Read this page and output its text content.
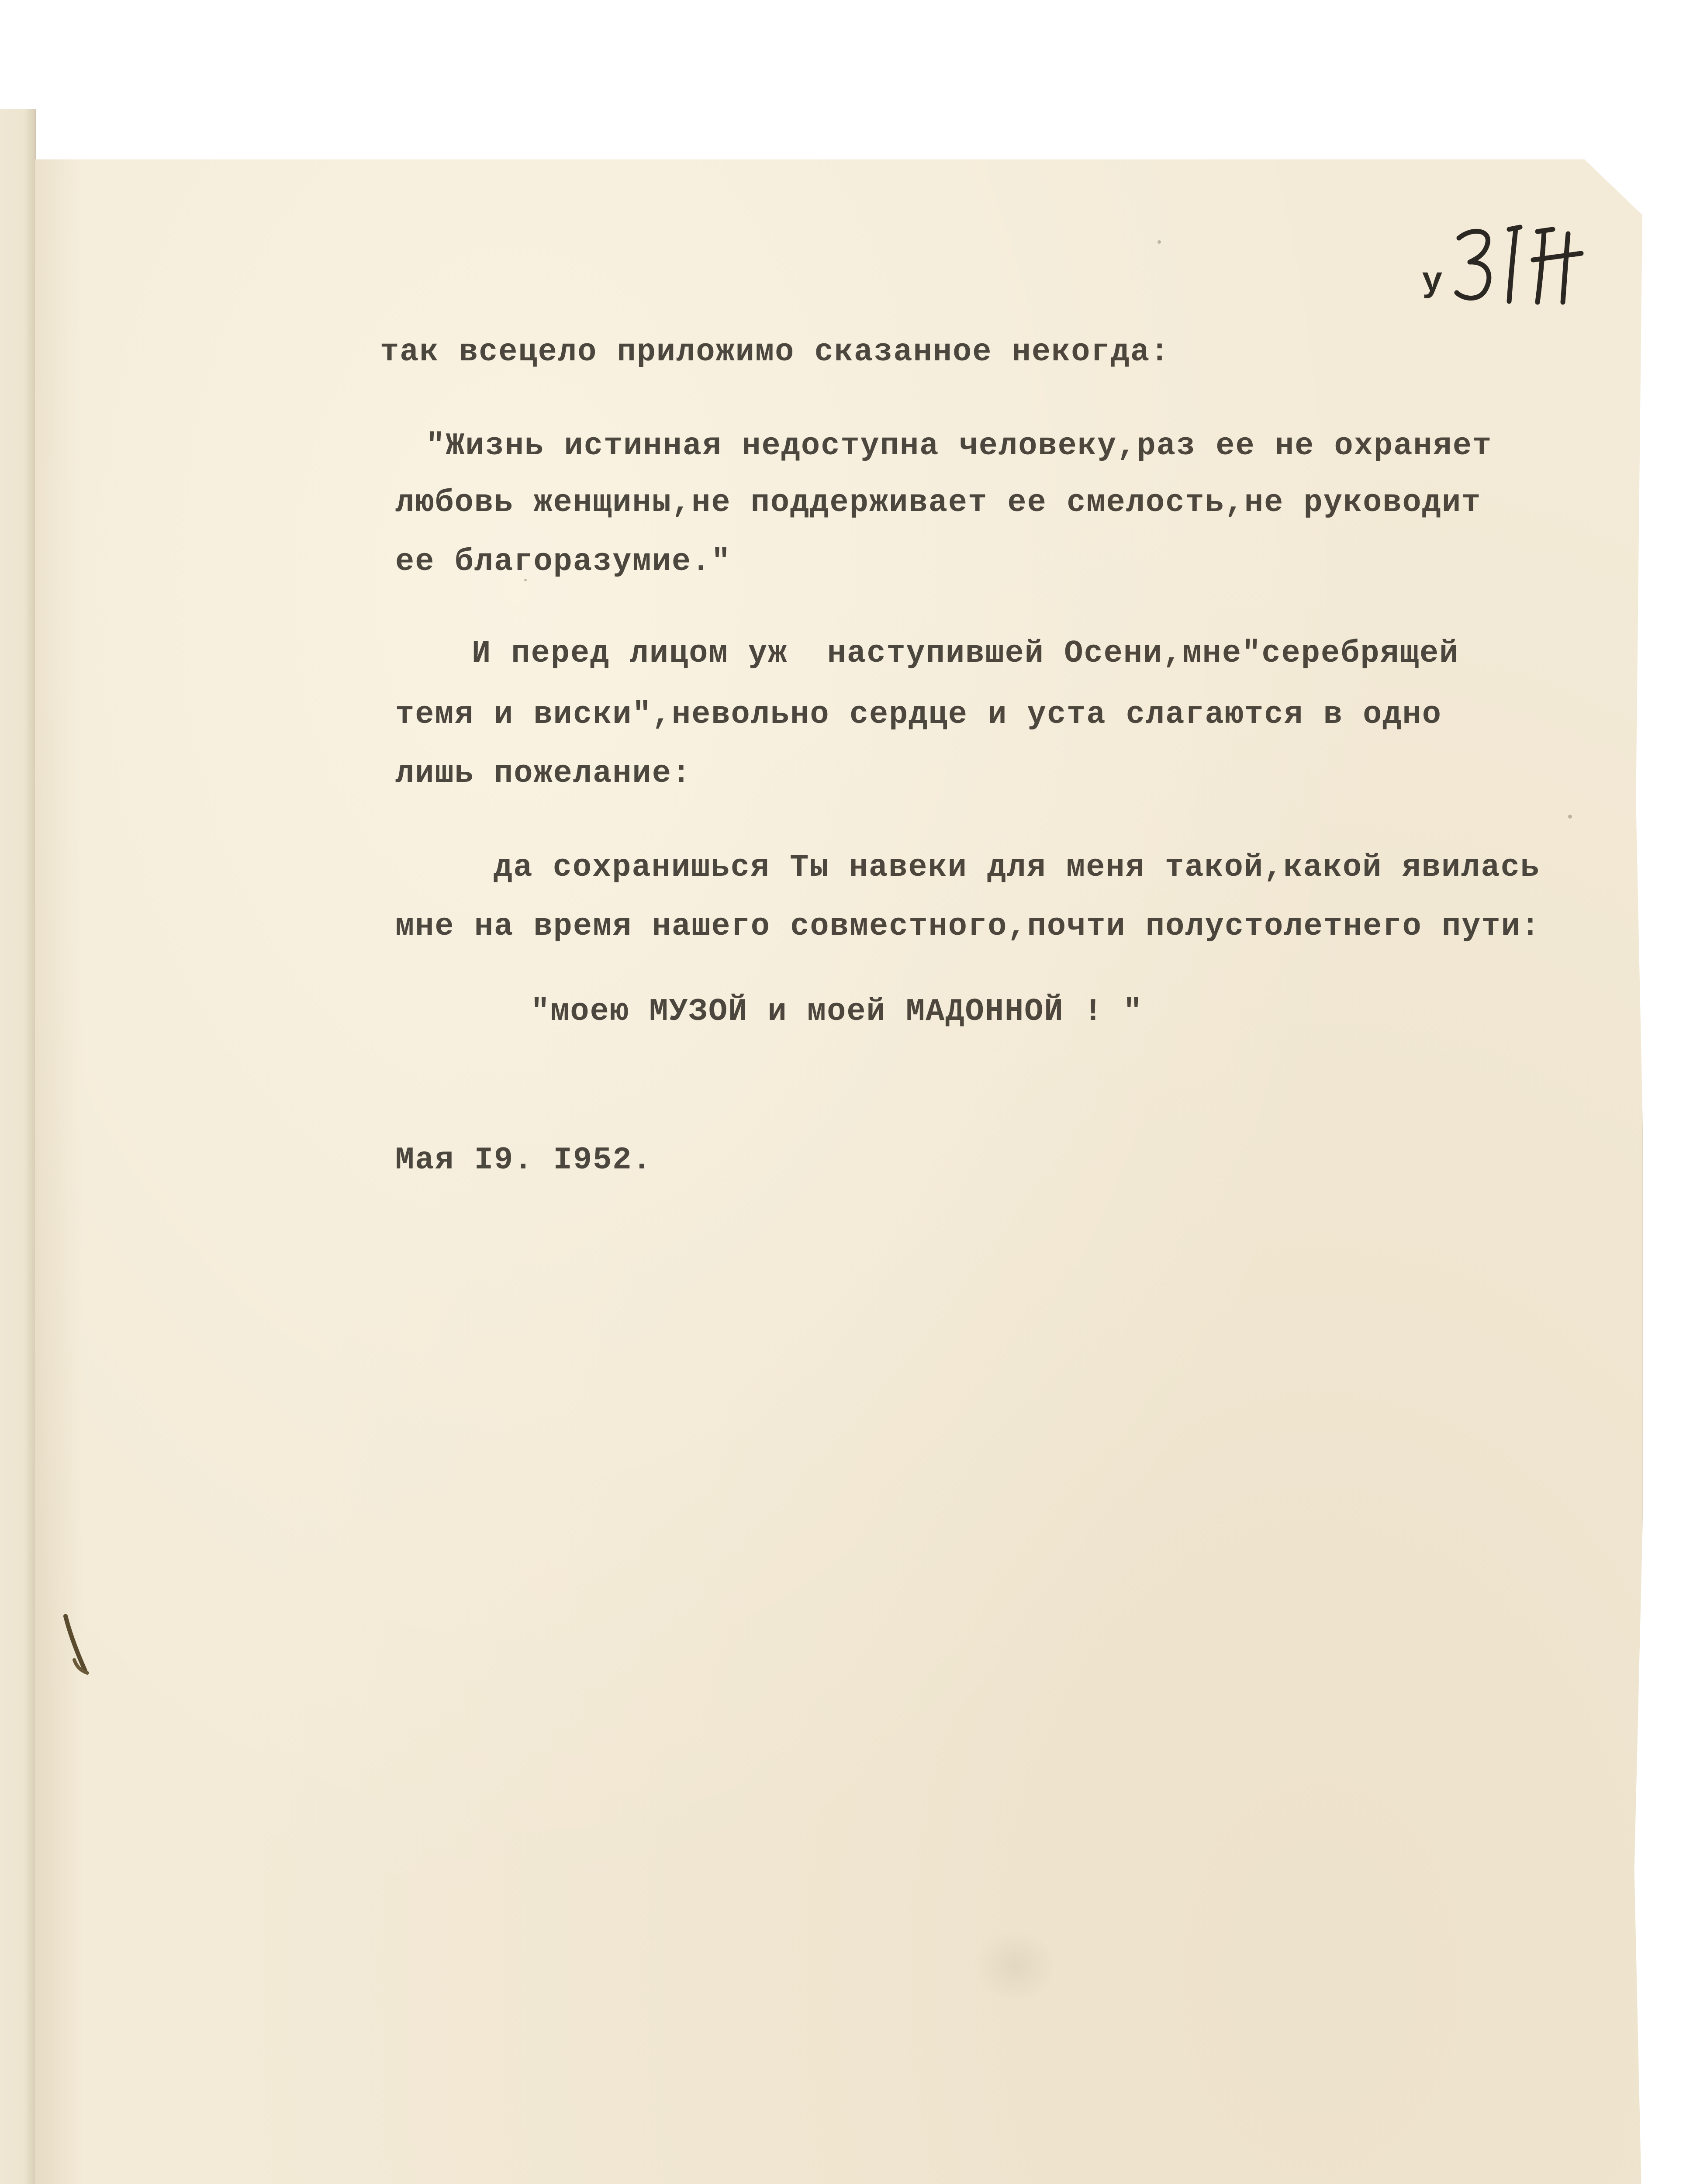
у
так всецело приложимо сказанное некогда:
"Жизнь истинная недоступна человеку,раз ее не охраняет
любовь женщины,не поддерживает ее смелость,не руководит
ее благоразумие."
И перед лицом уж  наступившей Осени,мне"серебрящей
темя и виски",невольно сердце и уста слагаются в одно
лишь пожелание:
да сохранишься Ты навеки для меня такой,какой явилась
мне на время нашего совместного,почти полустолетнего пути:
"моею МУЗОЙ и моей МАДОННОЙ ! "
Мая I9. I952.
